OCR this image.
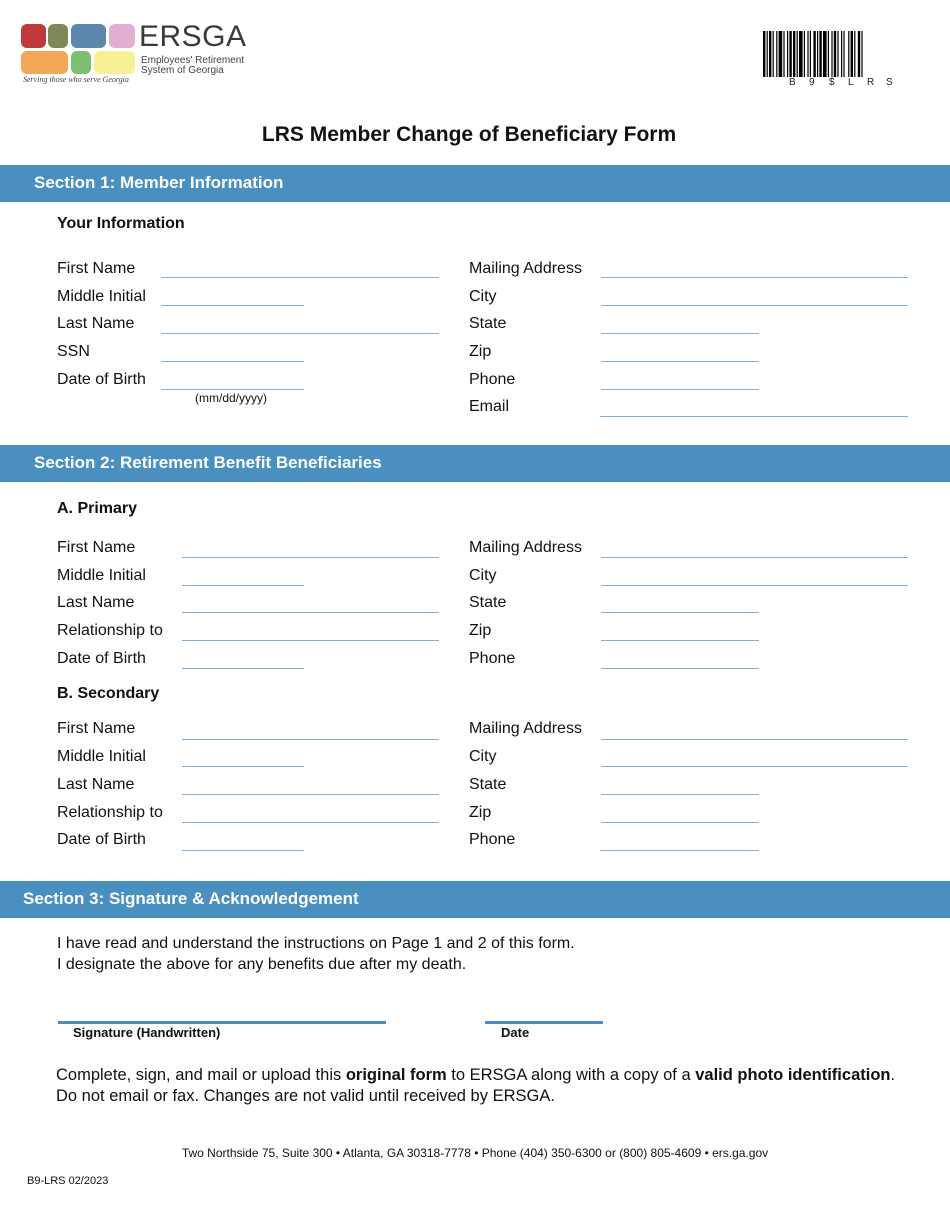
ERSGA
Employees' Retirement
System of Georgia
Serving those who serve Georgia	B 9 $ L R S
LRS Member Change of Beneficiary Form
Section 1: Member Information
Your Information
First Name
Middle Initial
Last Name
SSN
Date of Birth
(mm/dd/yyyy)
Mailing Address
City
State
Zip
Phone
Email
Section 2: Retirement Benefit Beneficiaries
A. Primary
First Name
Middle Initial
Last Name
Relationship to
Date of Birth
Mailing Address
City
State
Zip
Phone
B. Secondary
First Name
Middle Initial
Last Name
Relationship to
Date of Birth
Mailing Address
City
State
Zip
Phone
Section 3: Signature & Acknowledgement
I have read and understand the instructions on Page 1 and 2 of this form.
I designate the above for any benefits due after my death.
Signature (Handwritten)	Date
Complete, sign, and mail or upload this original form to ERSGA along with a copy of a valid photo identification. Do not email or fax. Changes are not valid until received by ERSGA.
Two Northside 75, Suite 300 • Atlanta, GA 30318-7778 • Phone (404) 350-6300 or (800) 805-4609 • ers.ga.gov
B9-LRS 02/2023
